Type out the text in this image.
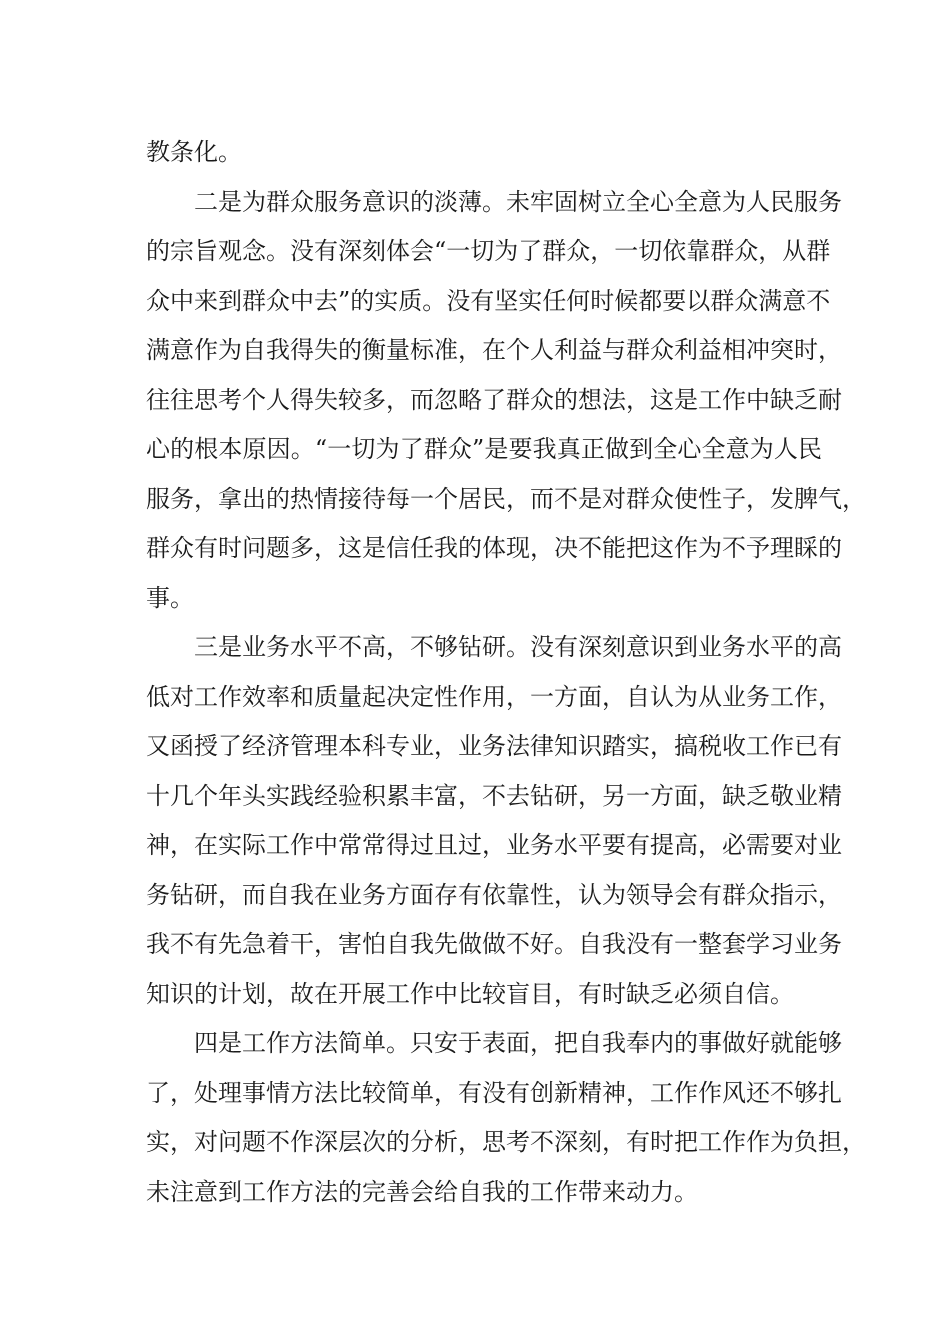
教条化。
二是为群众服务意识的淡薄。未牢固树立全心全意为人民服务
的宗旨观念。没有深刻体会“一切为了群众，一切依靠群众，从群
众中来到群众中去”的实质。没有坚实任何时候都要以群众满意不
满意作为自我得失的衡量标准，在个人利益与群众利益相冲突时，
往往思考个人得失较多，而忽略了群众的想法，这是工作中缺乏耐
心的根本原因。“一切为了群众”是要我真正做到全心全意为人民
服务，拿出的热情接待每一个居民，而不是对群众使性子，发脾气，
群众有时问题多，这是信任我的体现，决不能把这作为不予理睬的
事。
三是业务水平不高，不够钻研。没有深刻意识到业务水平的高
低对工作效率和质量起决定性作用，一方面，自认为从业务工作，
又函授了经济管理本科专业，业务法律知识踏实，搞税收工作已有
十几个年头实践经验积累丰富，不去钻研，另一方面，缺乏敬业精
神，在实际工作中常常得过且过，业务水平要有提高，必需要对业
务钻研，而自我在业务方面存有依靠性，认为领导会有群众指示，
我不有先急着干，害怕自我先做做不好。自我没有一整套学习业务
知识的计划，故在开展工作中比较盲目，有时缺乏必须自信。
四是工作方法简单。只安于表面，把自我奉内的事做好就能够
了，处理事情方法比较简单，有没有创新精神，工作作风还不够扎
实，对问题不作深层次的分析，思考不深刻，有时把工作作为负担，
未注意到工作方法的完善会给自我的工作带来动力。
